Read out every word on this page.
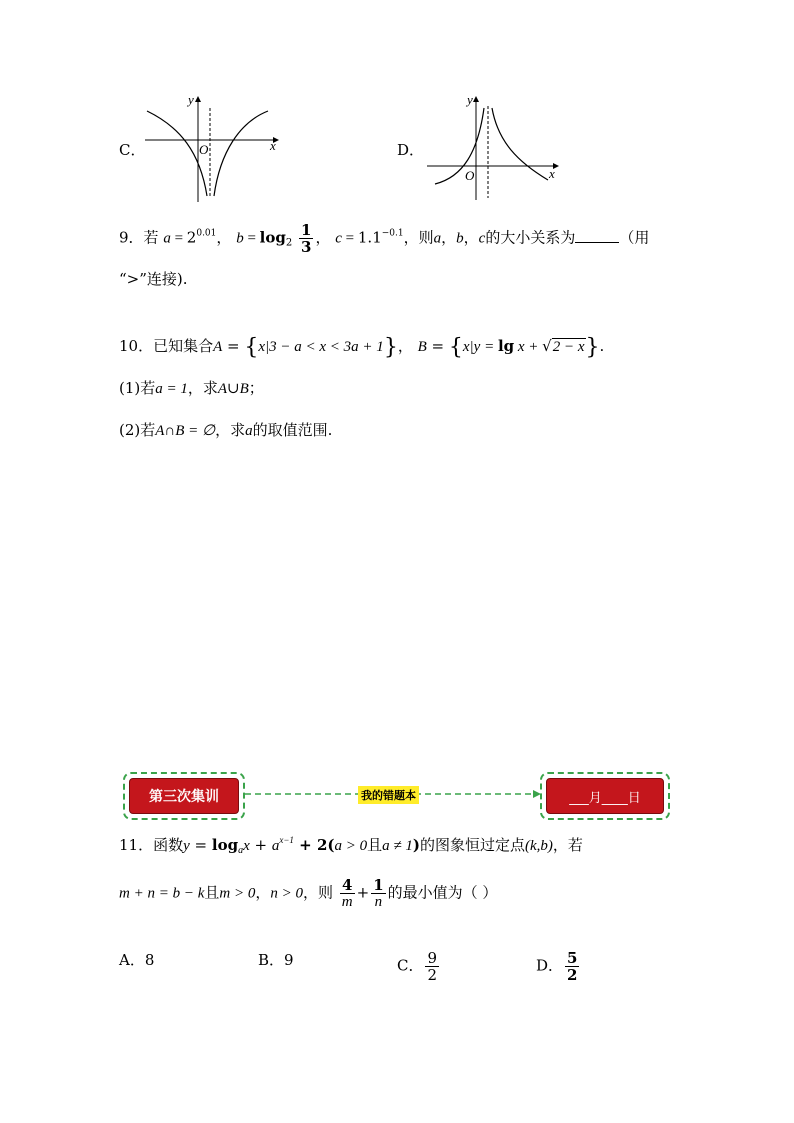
C．
y
x
O	D．
y
x
O
9．若 $a = 2^{0.01}$， $b = \log_2 \frac{1}{3}$ ， $c = 1.1^{-0.1}$，则a，b，c的大小关系为	（用
“>”连接).
10．已知集合A = {x|3 − a < x < 3a + 1}， B = {x|y = lg x + √2 − x}.
(1)若a = 1，求A∪B；
(2)若A∩B = ∅，求a的取值范围.
第三次集训	我的错题本	___月____日
11．函数$y = \log_ax + a^{x-1} + 2(a > 0$且a ≠ 1)的图象恒过定点(k,b)，若
m + n = b − k且m > 0，n > 0，则 $\frac{4}{m} + \frac{1}{n}$ 的最小值为（ ）
A．8	B．9	C． $\frac{9}{2}$	D． $\frac{5}{2}$
